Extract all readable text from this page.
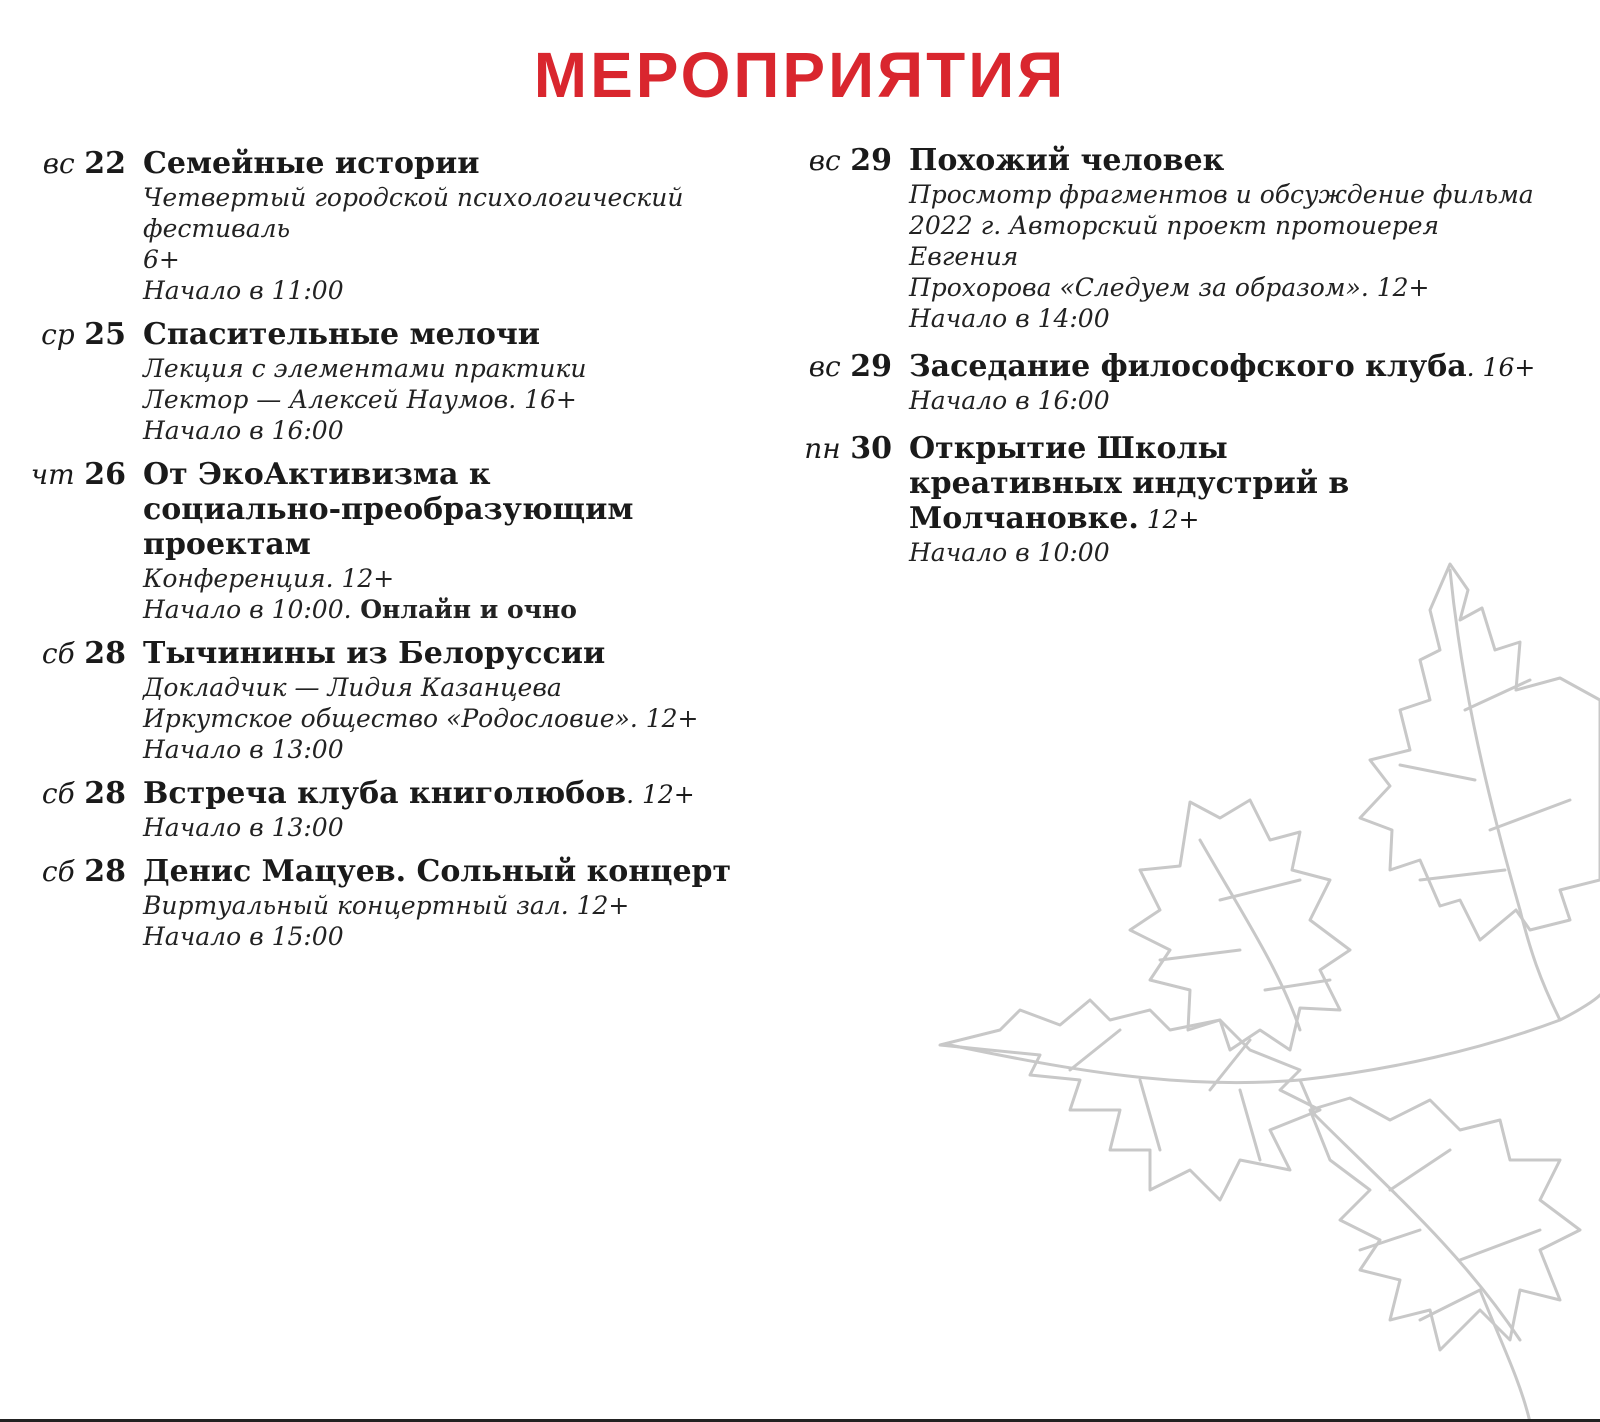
МЕРОПРИЯТИЯ
вс 22 Семейные истории
Четвертый городской психологический фестиваль
6+
Начало в 11:00
ср 25 Спасительные мелочи
Лекция с элементами практики
Лектор — Алексей Наумов. 16+
Начало в 16:00
чт 26 От ЭкоАктивизма к социально-преобразующим проектам
Конференция. 12+
Начало в 10:00. Онлайн и очно
сб 28 Тычинины из Белоруссии
Докладчик — Лидия Казанцева
Иркутское общество «Родословие». 12+
Начало в 13:00
сб 28 Встреча клуба книголюбов. 12+
Начало в 13:00
сб 28 Денис Мацуев. Сольный концерт
Виртуальный концертный зал. 12+
Начало в 15:00
вс 29 Похожий человек
Просмотр фрагментов и обсуждение фильма
2022 г. Авторский проект протоиерея Евгения
Прохорова «Следуем за образом». 12+
Начало в 14:00
вс 29 Заседание философского клуба. 16+
Начало в 16:00
пн 30 Открытие Школы креативных индустрий в Молчановке. 12+
Начало в 10:00
